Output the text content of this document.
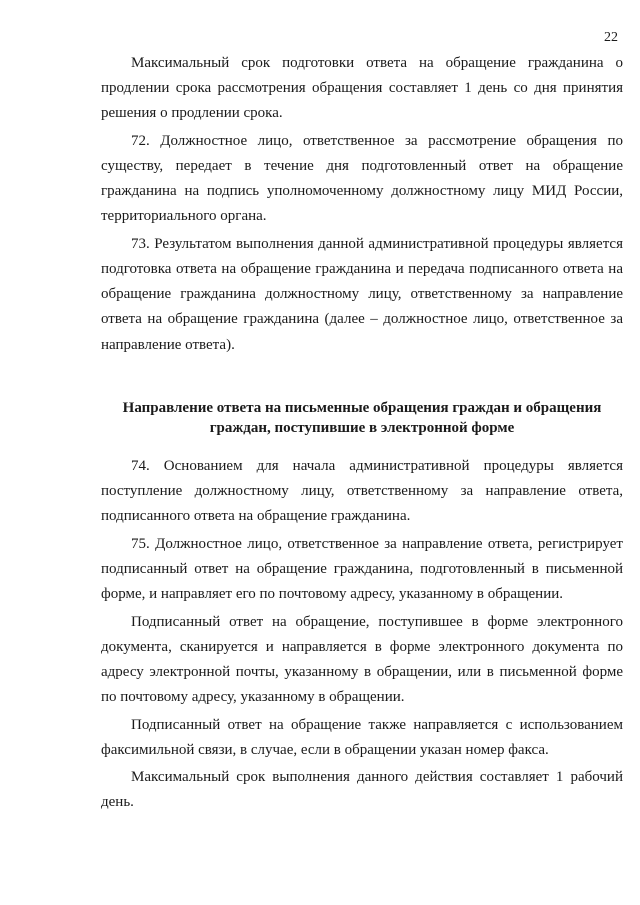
22

Максимальный срок подготовки ответа на обращение гражданина о продлении срока рассмотрения обращения составляет 1 день со дня принятия решения о продлении срока.

72. Должностное лицо, ответственное за рассмотрение обращения по существу, передает в течение дня подготовленный ответ на обращение гражданина на подпись уполномоченному должностному лицу МИД России, территориального органа.

73. Результатом выполнения данной административной процедуры является подготовка ответа на обращение гражданина и передача подписанного ответа на обращение гражданина должностному лицу, ответственному за направление ответа на обращение гражданина (далее – должностное лицо, ответственное за направление ответа).

Направление ответа на письменные обращения граждан и обращения граждан, поступившие в электронной форме

74. Основанием для начала административной процедуры является поступление должностному лицу, ответственному за направление ответа, подписанного ответа на обращение гражданина.

75. Должностное лицо, ответственное за направление ответа, регистрирует подписанный ответ на обращение гражданина, подготовленный в письменной форме, и направляет его по почтовому адресу, указанному в обращении.

Подписанный ответ на обращение, поступившее в форме электронного документа, сканируется и направляется в форме электронного документа по адресу электронной почты, указанному в обращении, или в письменной форме по почтовому адресу, указанному в обращении.

Подписанный ответ на обращение также направляется с использованием факсимильной связи, в случае, если в обращении указан номер факса.

Максимальный срок выполнения данного действия составляет 1 рабочий день.
